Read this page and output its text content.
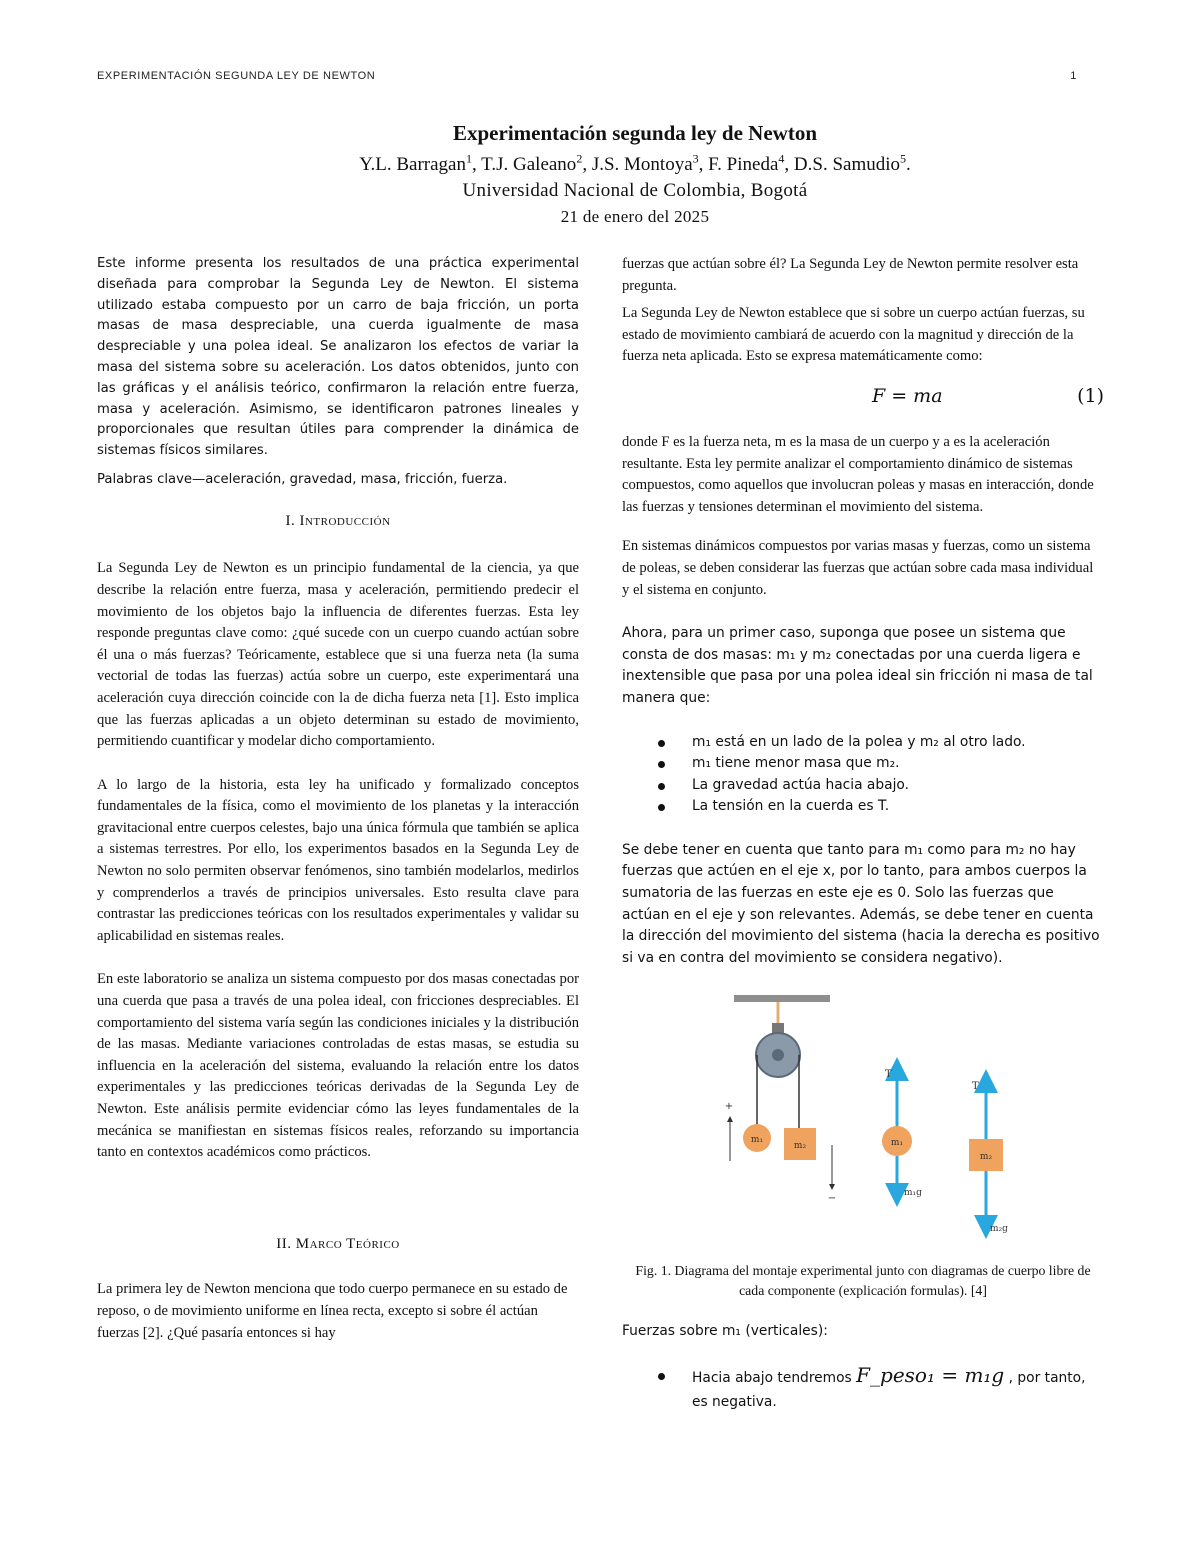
EXPERIMENTACIÓN SEGUNDA LEY DE NEWTON	1
Experimentación segunda ley de Newton
Y.L. Barragan$^1$, T.J. Galeano$^2$, J.S. Montoya$^3$, F. Pineda$^4$, D.S. Samudio$^5$.
Universidad Nacional de Colombia, Bogotá
21 de enero del 2025

Este informe presenta los resultados de una práctica experimental diseñada para comprobar la Segunda Ley de Newton. El sistema utilizado estaba compuesto por un carro de baja fricción, un porta masas de masa despreciable, una cuerda igualmente de masa despreciable y una polea ideal. Se analizaron los efectos de variar la masa del sistema sobre su aceleración. Los datos obtenidos, junto con las gráficas y el análisis teórico, confirmaron la relación entre fuerza, masa y aceleración. Asimismo, se identificaron patrones lineales y proporcionales que resultan útiles para comprender la dinámica de sistemas físicos similares.

Palabras clave—aceleración, gravedad, masa, fricción, fuerza.

I. Introducción

La Segunda Ley de Newton es un principio fundamental de la ciencia, ya que describe la relación entre fuerza, masa y aceleración, permitiendo predecir el movimiento de los objetos bajo la influencia de diferentes fuerzas. Esta ley responde preguntas clave como: ¿qué sucede con un cuerpo cuando actúan sobre él una o más fuerzas? Teóricamente, establece que si una fuerza neta (la suma vectorial de todas las fuerzas) actúa sobre un cuerpo, este experimentará una aceleración cuya dirección coincide con la de dicha fuerza neta [1]. Esto implica que las fuerzas aplicadas a un objeto determinan su estado de movimiento, permitiendo cuantificar y modelar dicho comportamiento.

A lo largo de la historia, esta ley ha unificado y formalizado conceptos fundamentales de la física, como el movimiento de los planetas y la interacción gravitacional entre cuerpos celestes, bajo una única fórmula que también se aplica a sistemas terrestres. Por ello, los experimentos basados en la Segunda Ley de Newton no solo permiten observar fenómenos, sino también modelarlos, medirlos y comprenderlos a través de principios universales. Esto resulta clave para contrastar las predicciones teóricas con los resultados experimentales y validar su aplicabilidad en sistemas reales.

En este laboratorio se analiza un sistema compuesto por dos masas conectadas por una cuerda que pasa a través de una polea ideal, con fricciones despreciables. El comportamiento del sistema varía según las condiciones iniciales y la distribución de las masas. Mediante variaciones controladas de estas masas, se estudia su influencia en la aceleración del sistema, evaluando la relación entre los datos experimentales y las predicciones teóricas derivadas de la Segunda Ley de Newton. Este análisis permite evidenciar cómo las leyes fundamentales de la mecánica se manifiestan en sistemas físicos reales, reforzando su importancia tanto en contextos académicos como prácticos.

II. Marco Teórico

La primera ley de Newton menciona que todo cuerpo permanece en su estado de reposo, o de movimiento uniforme en línea recta, excepto si sobre él actúan fuerzas [2]. ¿Qué pasaría entonces si hay

fuerzas que actúan sobre él? La Segunda Ley de Newton permite resolver esta pregunta.

La Segunda Ley de Newton establece que si sobre un cuerpo actúan fuerzas, su estado de movimiento cambiará de acuerdo con la magnitud y dirección de la fuerza neta aplicada. Esto se expresa matemáticamente como:

F = ma	(1)

donde F es la fuerza neta, m es la masa de un cuerpo y a es la aceleración resultante. Esta ley permite analizar el comportamiento dinámico de sistemas compuestos, como aquellos que involucran poleas y masas en interacción, donde las fuerzas y tensiones determinan el movimiento del sistema.

En sistemas dinámicos compuestos por varias masas y fuerzas, como un sistema de poleas, se deben considerar las fuerzas que actúan sobre cada masa individual y el sistema en conjunto.

Ahora, para un primer caso, suponga que posee un sistema que consta de dos masas: m₁ y m₂ conectadas por una cuerda ligera e inextensible que pasa por una polea ideal sin fricción ni masa de tal manera que:

m₁ está en un lado de la polea y m₂ al otro lado.
m₁ tiene menor masa que m₂.
La gravedad actúa hacia abajo.
La tensión en la cuerda es T.

Se debe tener en cuenta que tanto para m₁ como para m₂ no hay fuerzas que actúen en el eje x, por lo tanto, para ambos cuerpos la sumatoria de las fuerzas en este eje es 0. Solo las fuerzas que actúan en el eje y son relevantes. Además, se debe tener en cuenta la dirección del movimiento del sistema (hacia la derecha es positivo si va en contra del movimiento se considera negativo).

m₁
m₂
+
−
T
m₁
m₁g
T
m₂
m₂g

Fig. 1. Diagrama del montaje experimental junto con diagramas de cuerpo libre de cada componente (explicación formulas). [4]

Fuerzas sobre m₁ (verticales):

Hacia abajo tendremos F_peso₁ = m₁g , por tanto, es negativa.
